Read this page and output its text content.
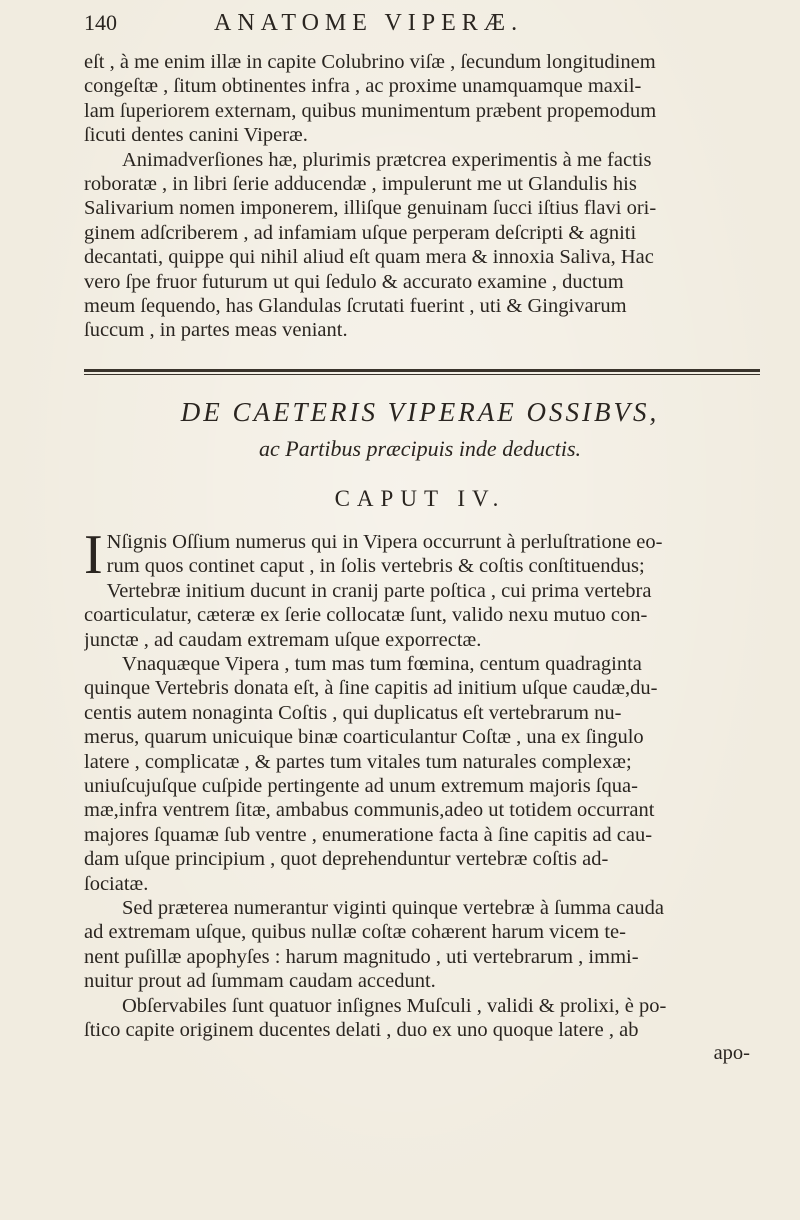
140	ANATOME VIPERÆ.

eſt , à me enim illæ in capite Colubrino viſæ , ſecundum longitudinem
congeſtæ , ſitum obtinentes infra , ac proxime unamquamque maxil-
lam ſuperiorem externam, quibus munimentum præbent propemodum
ſicuti dentes canini Viperæ.

Animadverſiones hæ, plurimis prætcrea experimentis à me factis
roboratæ , in libri ſerie adducendæ , impulerunt me ut Glandulis his
Salivarium nomen imponerem, illiſque genuinam ſucci iſtius flavi ori-
ginem adſcriberem , ad infamiam uſque perperam deſcripti & agniti
decantati, quippe qui nihil aliud eſt quam mera & innoxia Saliva, Hac
vero ſpe fruor futurum ut qui ſedulo & accurato examine , ductum
meum ſequendo, has Glandulas ſcrutati fuerint , uti & Gingivarum
ſuccum , in partes meas veniant.

DE CAETERIS VIPERAE OSSIBVS,
ac Partibus præcipuis inde deductis.
CAPUT IV.
I Nſignis Oſſium numerus qui in Vipera occurrunt à perluſtratione eo-
rum quos continet caput , in ſolis vertebris & coſtis conſtituendus;
Vertebræ initium ducunt in cranij parte poſtica , cui prima vertebra
coarticulatur, cæteræ ex ſerie collocatæ ſunt, valido nexu mutuo con-
junctæ , ad caudam extremam uſque exporrectæ.

Vnaquæque Vipera , tum mas tum fœmina, centum quadraginta
quinque Vertebris donata eſt, à ſine capitis ad initium uſque caudæ,du-
centis autem nonaginta Coſtis , qui duplicatus eſt vertebrarum nu-
merus, quarum unicuique binæ coarticulantur Coſtæ , una ex ſingulo
latere , complicatæ , & partes tum vitales tum naturales complexæ;
uniuſcujuſque cuſpide pertingente ad unum extremum majoris ſqua-
mæ,infra ventrem ſitæ, ambabus communis,adeo ut totidem occurrant
majores ſquamæ ſub ventre , enumeratione facta à ſine capitis ad cau-
dam uſque principium , quot deprehenduntur vertebræ coſtis ad-
ſociatæ.

Sed præterea numerantur viginti quinque vertebræ à ſumma cauda
ad extremam uſque, quibus nullæ coſtæ cohærent harum vicem te-
nent puſillæ apophyſes : harum magnitudo , uti vertebrarum , immi-
nuitur prout ad ſummam caudam accedunt.

Obſervabiles ſunt quatuor inſignes Muſculi , validi & prolixi, è po-
ſtico capite originem ducentes delati , duo ex uno quoque latere , ab

apo-
